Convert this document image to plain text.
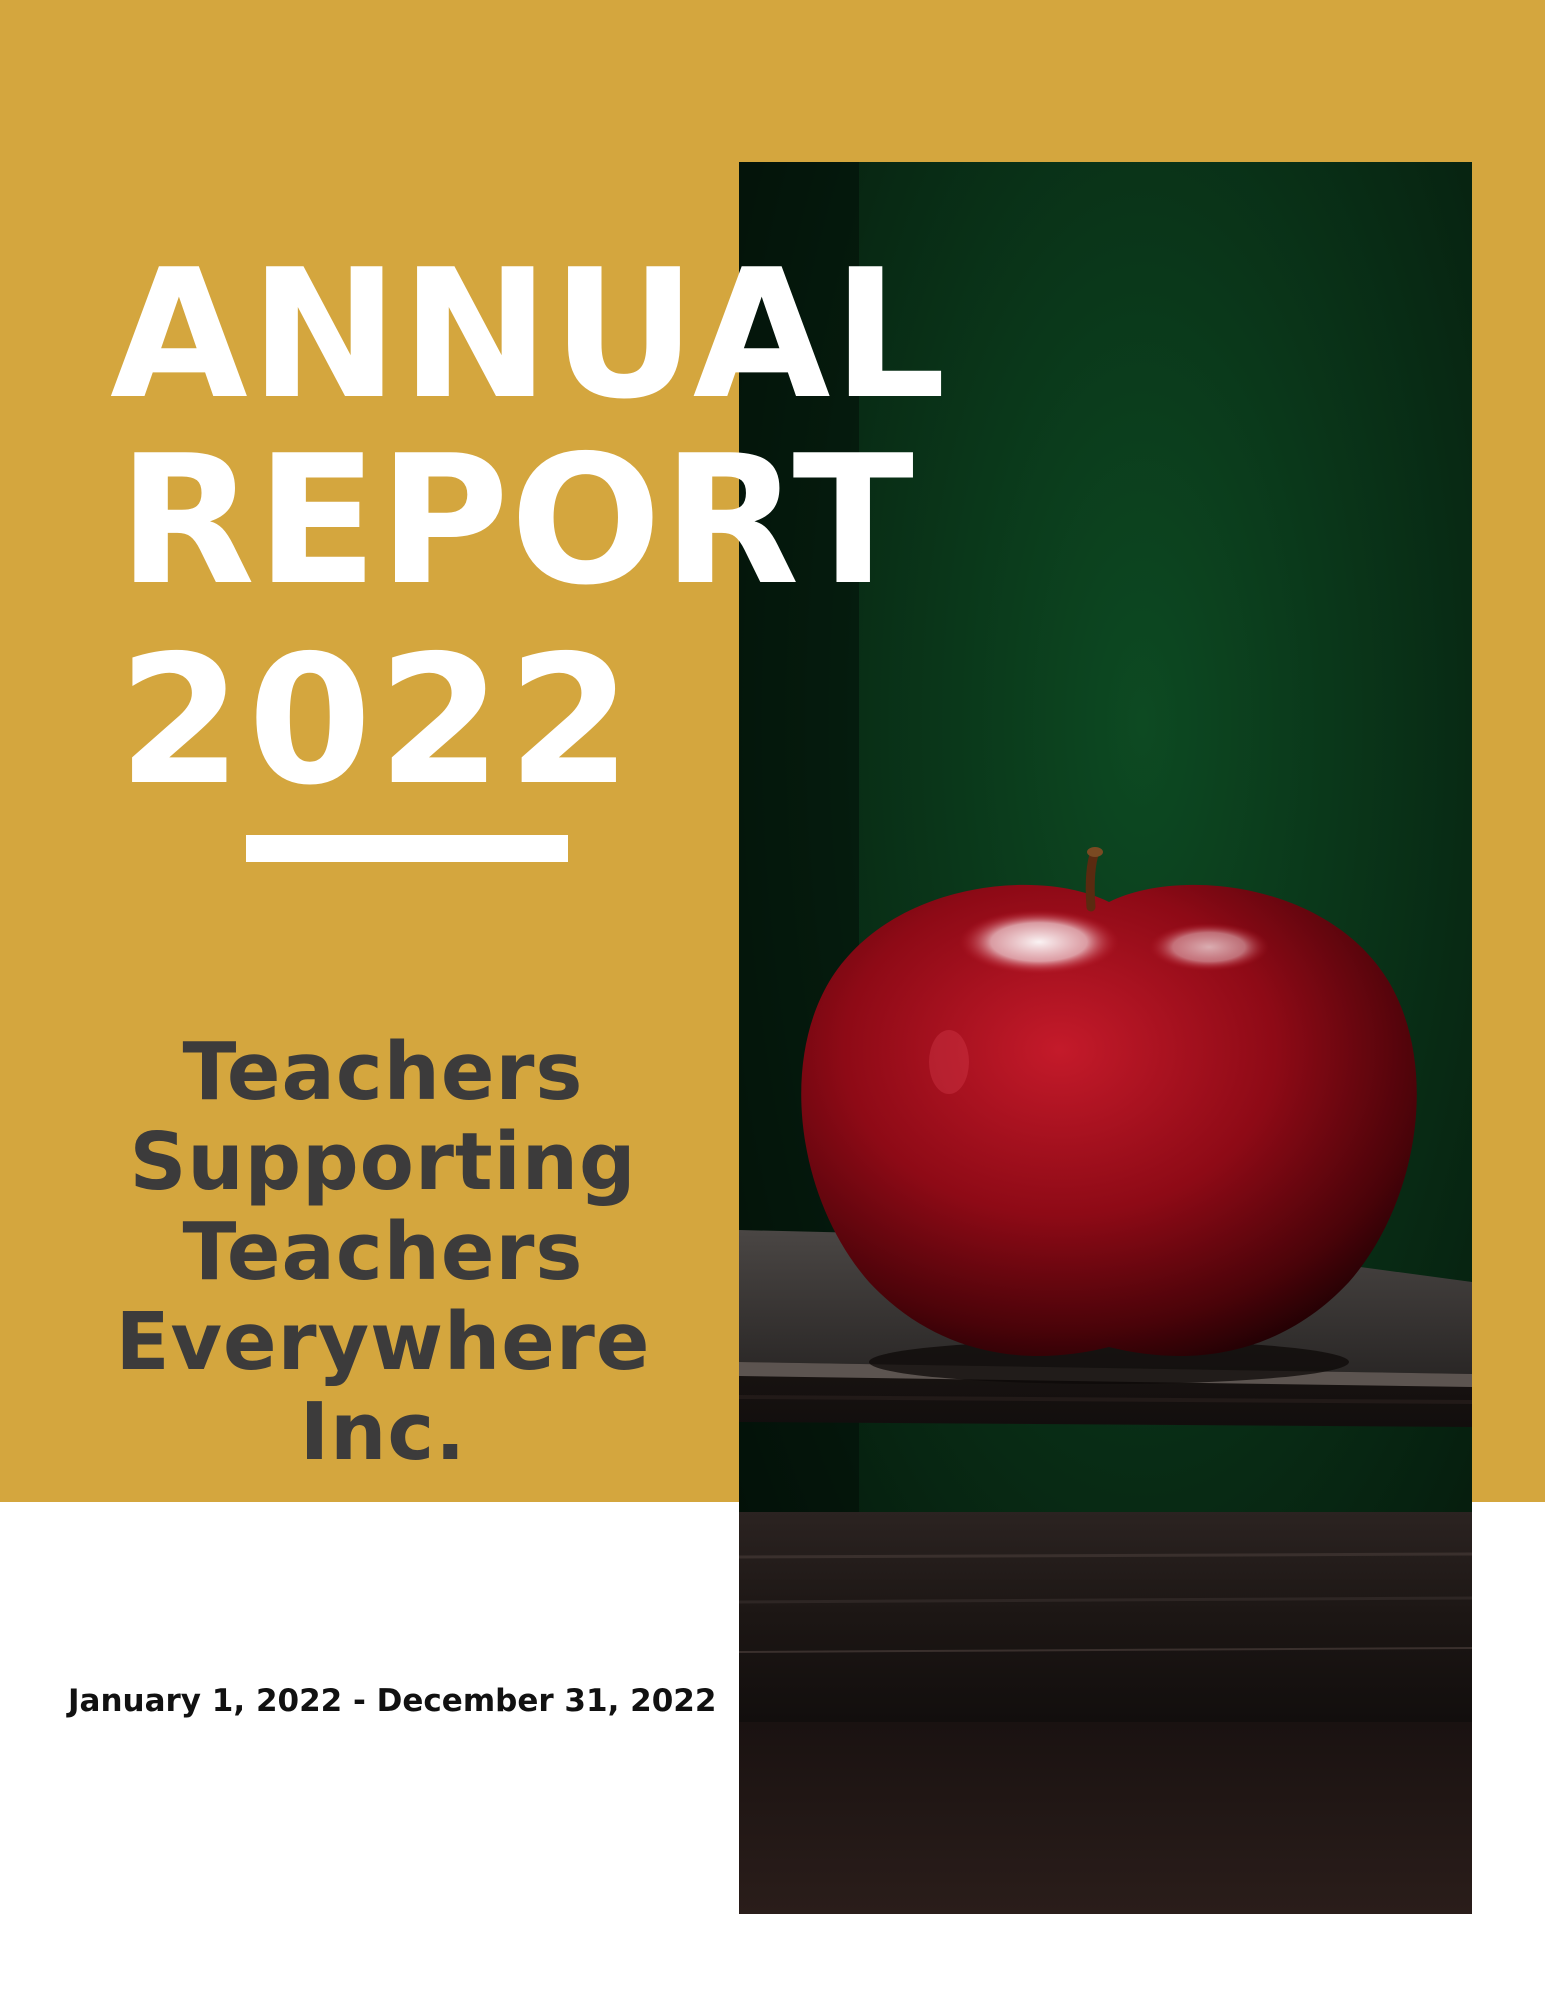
ANNUAL
REPORT
2022
Teachers
Supporting
Teachers
Everywhere
Inc.

January 1, 2022 - December 31, 2022
